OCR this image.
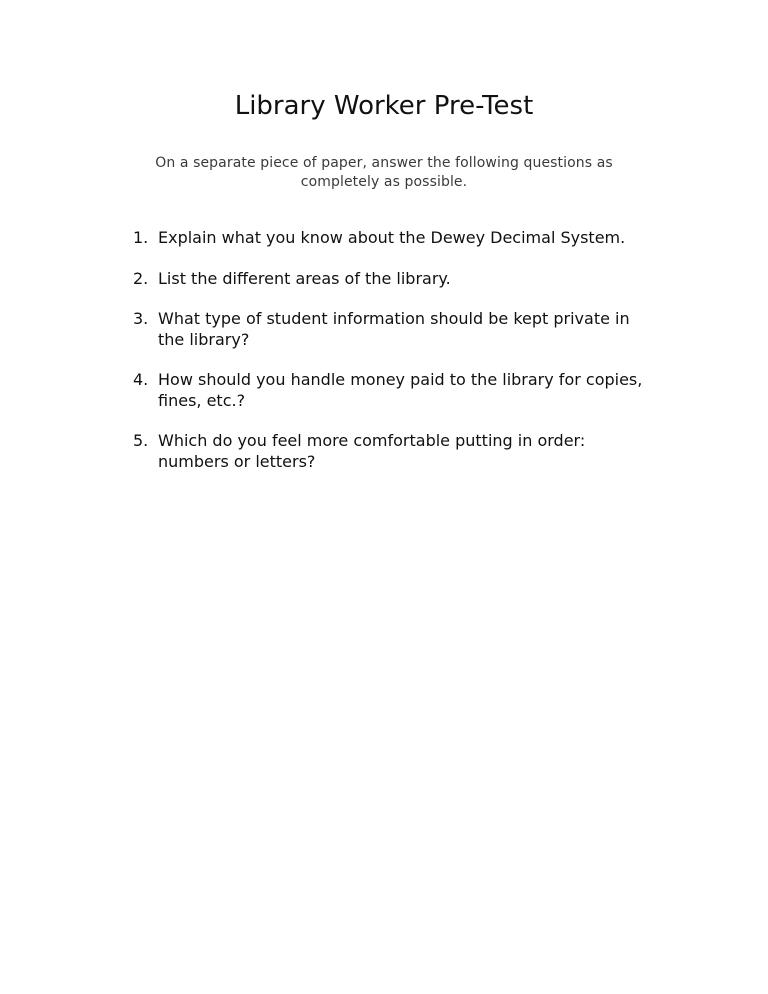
Library Worker Pre-Test

On a separate piece of paper, answer the following questions as completely as possible.

1. Explain what you know about the Dewey Decimal System.
2. List the different areas of the library.
3. What type of student information should be kept private in the library?
4. How should you handle money paid to the library for copies, fines, etc.?
5. Which do you feel more comfortable putting in order: numbers or letters?
